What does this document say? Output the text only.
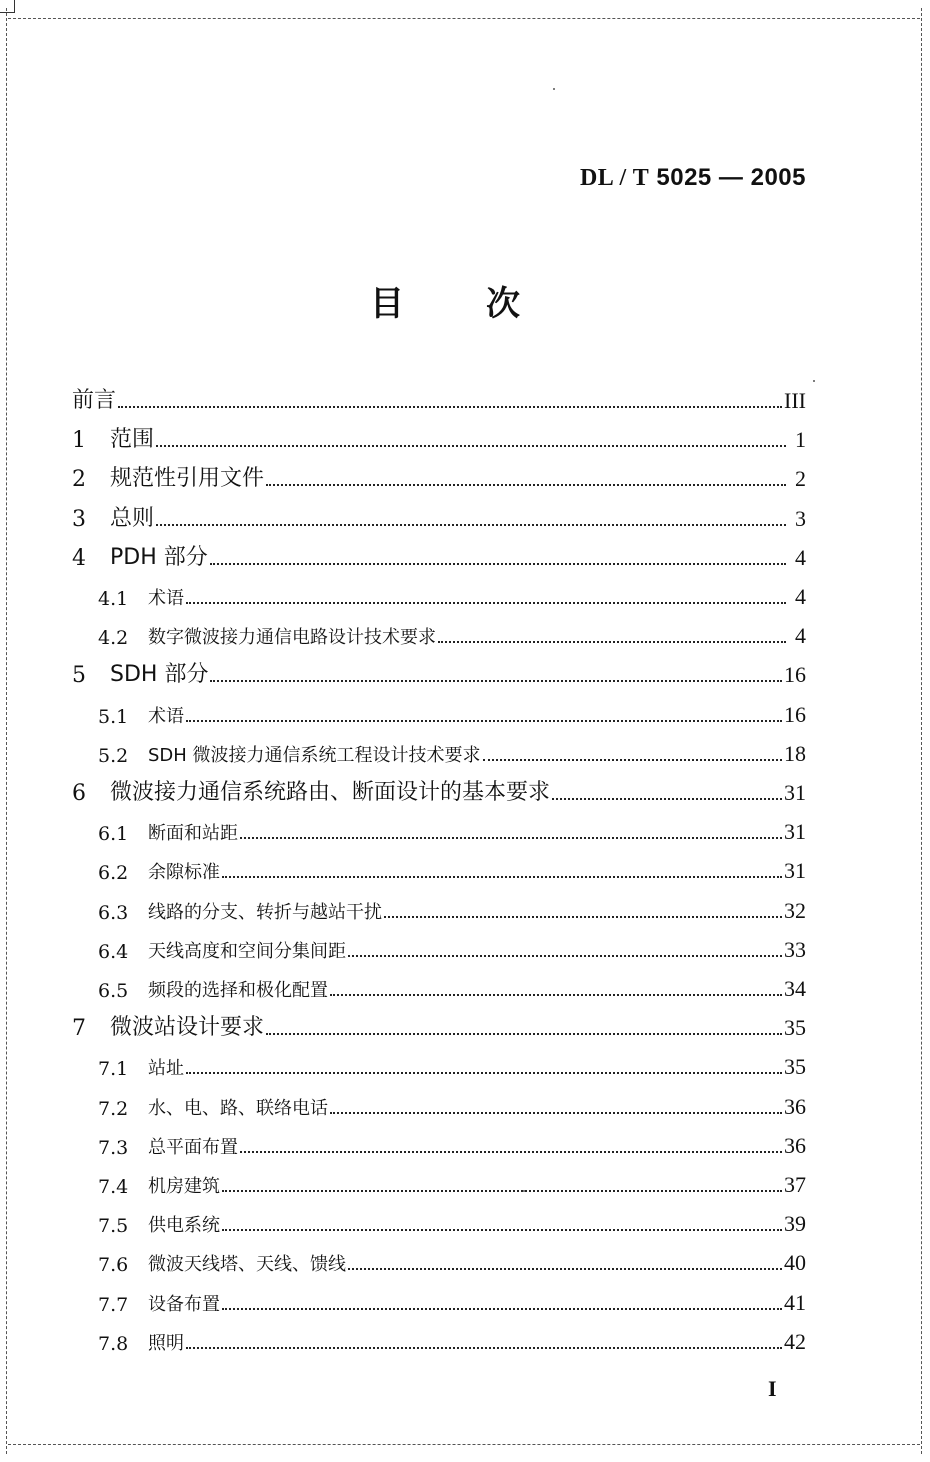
DL / T 5025 — 2005
目 次
前言	III
1	范围	1
2	规范性引用文件	2
3	总则	3
4	PDH 部分	4
4.1	术语	4
4.2	数字微波接力通信电路设计技术要求	4
5	SDH 部分	16
5.1	术语	16
5.2	SDH 微波接力通信系统工程设计技术要求	18
6	微波接力通信系统路由、断面设计的基本要求	31
6.1	断面和站距	31
6.2	余隙标准	31
6.3	线路的分支、转折与越站干扰	32
6.4	天线高度和空间分集间距	33
6.5	频段的选择和极化配置	34
7	微波站设计要求	35
7.1	站址	35
7.2	水、电、路、联络电话	36
7.3	总平面布置	36
7.4	机房建筑	37
7.5	供电系统	39
7.6	微波天线塔、天线、馈线	40
7.7	设备布置	41
7.8	照明	42
I
